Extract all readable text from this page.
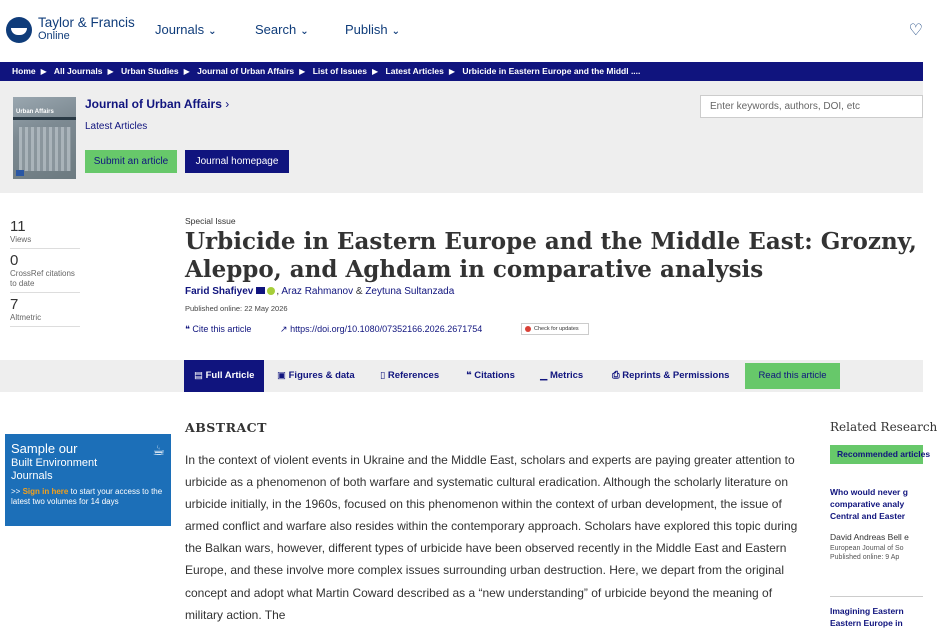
Taylor & Francis
Online	Journals ⌄	Search ⌄	Publish ⌄	♡
Home ▶ All Journals ▶ Urban Studies ▶ Journal of Urban Affairs ▶ List of Issues ▶ Latest Articles ▶ Urbicide in Eastern Europe and the Middl ....
Urban Affairs
Journal of Urban Affairs ›
Latest Articles
Submit an article	Journal homepage
Enter keywords, authors, DOI, etc
11
Views
0
CrossRef citations to date
7
Altmetric
Special Issue
Urbicide in Eastern Europe and the Middle East: Grozny, Aleppo, and Aghdam in comparative analysis
Farid Shafiyev , Araz Rahmanov & Zeytuna Sultanzada
Published online: 22 May 2026
❝ Cite this article	↗ https://doi.org/10.1080/07352166.2026.2671754	Check for updates
▤ Full Article	▣ Figures & data	▯ References	❝ Citations	▁ Metrics	⎙ Reprints & Permissions	Read this article
☕
Sample our
Built Environment
Journals
>> Sign in here to start your access to the latest two volumes for 14 days
ABSTRACT
In the context of violent events in Ukraine and the Middle East, scholars and experts are paying greater attention to urbicide as a phenomenon of both warfare and systematic cultural eradication. Although the scholarly literature on urbicide initially, in the 1960s, focused on this phenomenon within the context of urban development, the issue of armed conflict and warfare also resides within the contemporary approach. Scholars have explored this topic during the Balkan wars, however, different types of urbicide have been observed recently in the Middle East and Eastern Europe, and these involve more complex issues surrounding urban destruction. Here, we depart from the original concept and adopt what Martin Coward described as a “new understanding” of urbicide beyond the meaning of military action. The
Related Research
Recommended articles
Who would never g
comparative analy
Central and Easter
David Andreas Bell e
European Journal of So
Published online: 9 Ap
Imagining Eastern
Eastern Europe in
